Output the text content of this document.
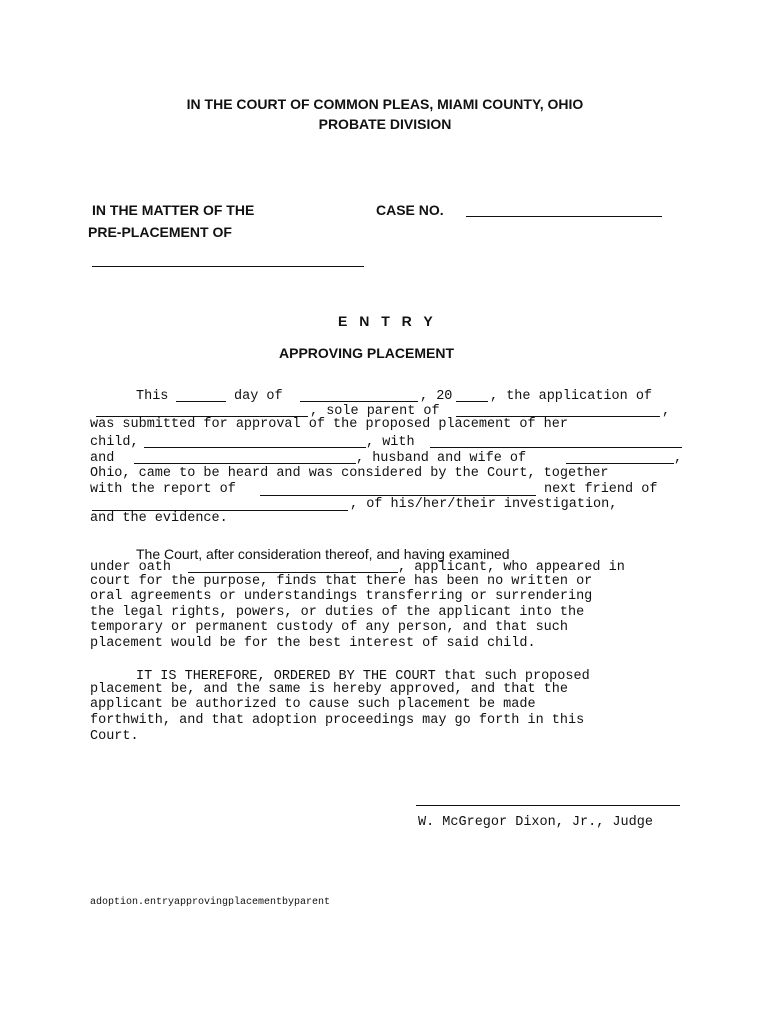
IN THE COURT OF COMMON PLEAS, MIAMI COUNTY, OHIO
PROBATE DIVISION
IN THE MATTER OF THE
PRE-PLACEMENT OF
CASE NO.
E N T R Y
APPROVING PLACEMENT
This	day of	, 20	, the application of
, sole parent of	,
was submitted for approval of the proposed placement of her
child,	, with
and	, husband and wife of	,
Ohio, came to be heard and was considered by the Court, together
with the report of	next friend of
, of his/her/their investigation,
and the evidence.
The Court, after consideration thereof, and having examined
under oath	, applicant, who appeared in
court for the purpose, finds that there has been no written or
oral agreements or understandings transferring or surrendering
the legal rights, powers, or duties of the applicant into the
temporary or permanent custody of any person, and that such
placement would be for the best interest of said child.
IT IS THEREFORE, ORDERED BY THE COURT that such proposed
placement be, and the same is hereby approved, and that the
applicant be authorized to cause such placement be made
forthwith, and that adoption proceedings may go forth in this
Court.
W. McGregor Dixon, Jr., Judge
adoption.entryapprovingplacementbyparent
